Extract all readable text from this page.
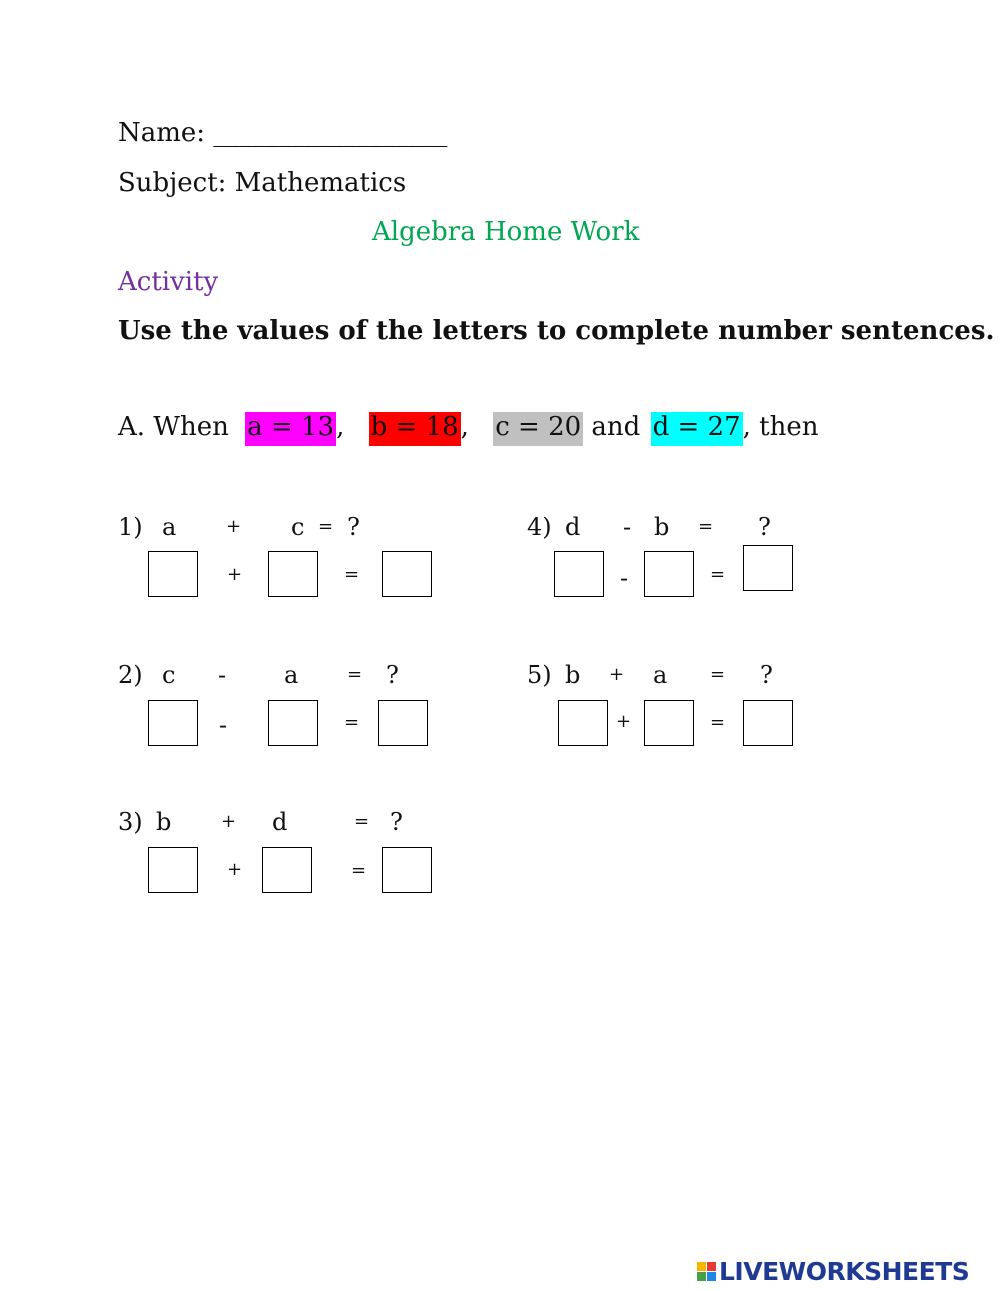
Name: __________________
Subject: Mathematics
Algebra Home Work
Activity
Use the values of the letters to complete number sentences.
A. When a = 13, b = 18, c = 20 and d = 27, then
1) a	+ c = ?
+	=
4) d - b = ?
-	=
2) c - a	= ?
-	=
5) b + a = ?
+	=
3) b	+ d	= ?
+	=
LIVEWORKSHEETS
